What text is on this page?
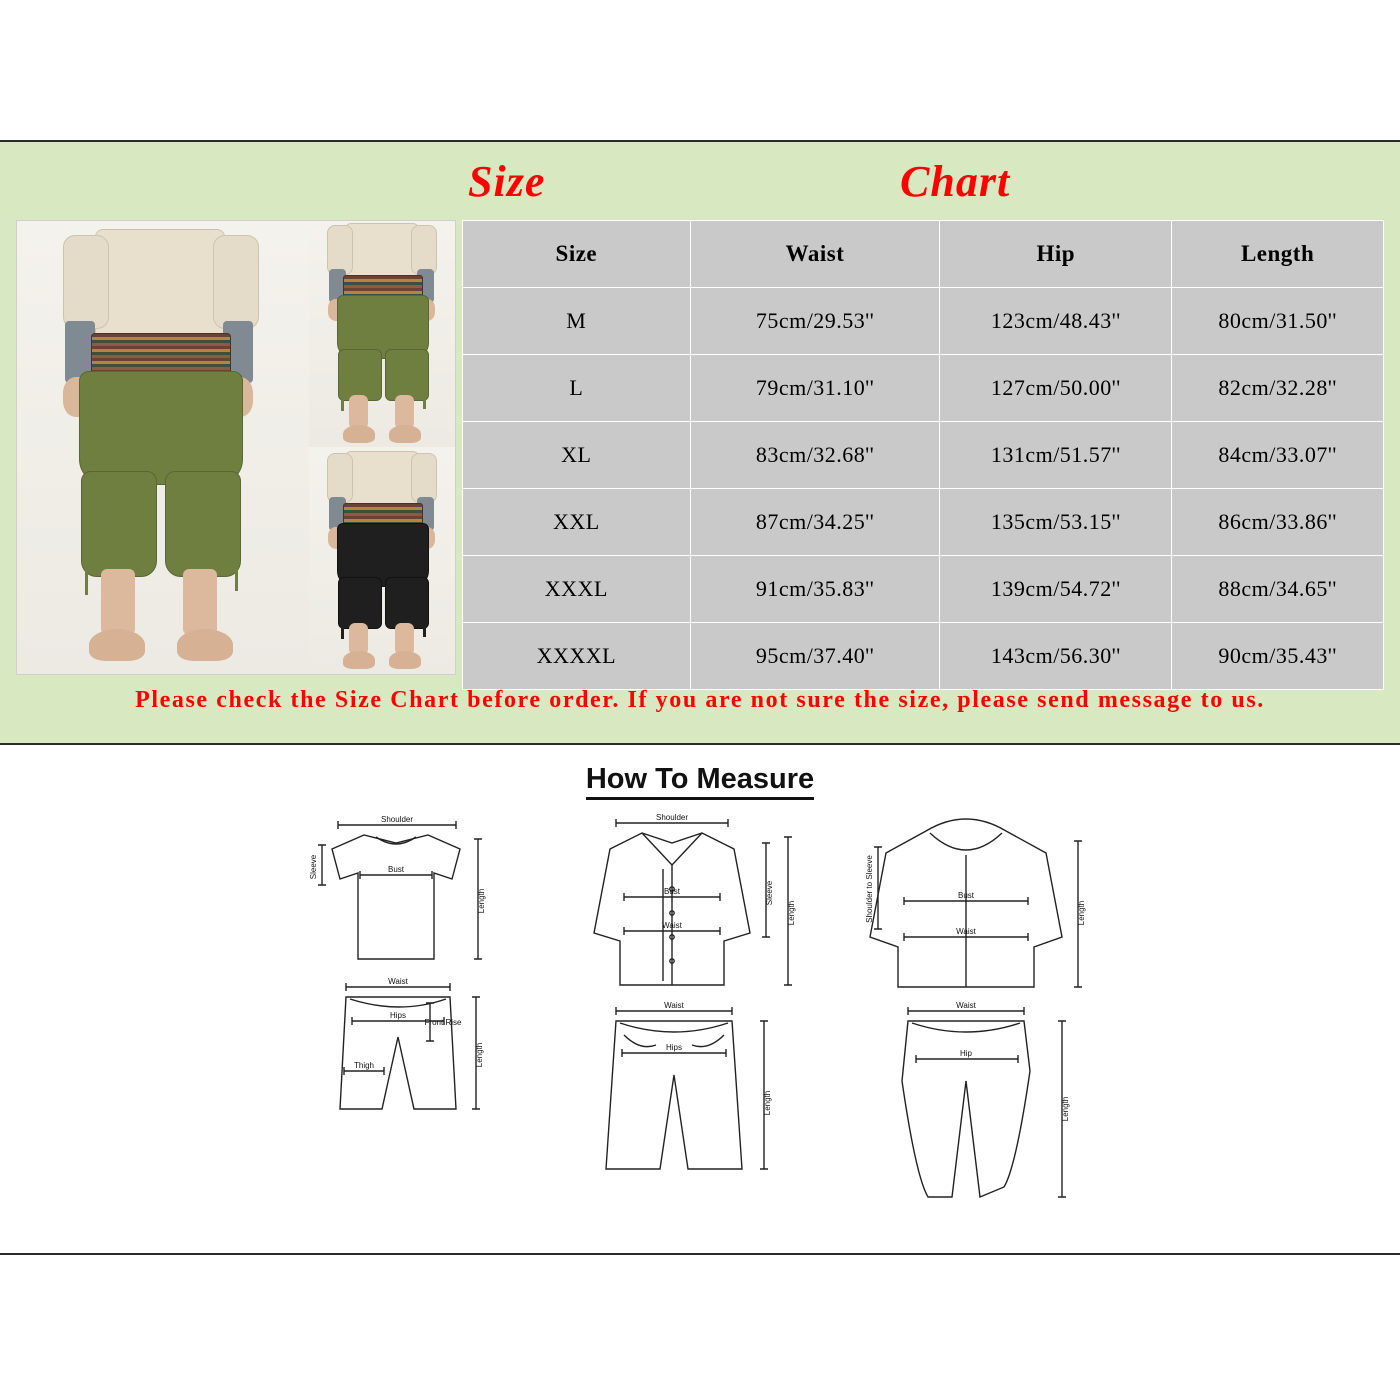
Size	Chart
Size	Waist	Hip	Length
M	75cm/29.53''	123cm/48.43''	80cm/31.50''
L	79cm/31.10''	127cm/50.00''	82cm/32.28''
XL	83cm/32.68''	131cm/51.57''	84cm/33.07''
XXL	87cm/34.25''	135cm/53.15''	86cm/33.86''
XXXL	91cm/35.83''	139cm/54.72''	88cm/34.65''
XXXXL	95cm/37.40''	143cm/56.30''	90cm/35.43''
Please check the Size Chart before order. If you are not sure the size, please send message to us.
How To Measure
Shoulder
Sleeve	Bust
Length
Waist
Hips
Front Rise
Thigh	Length
Shoulder
Bust
Waist
Sleeve
Length
Waist
Hips
Length
Shoulder to Sleeve	Bust
Waist
Length
Waist
Hip
Length
